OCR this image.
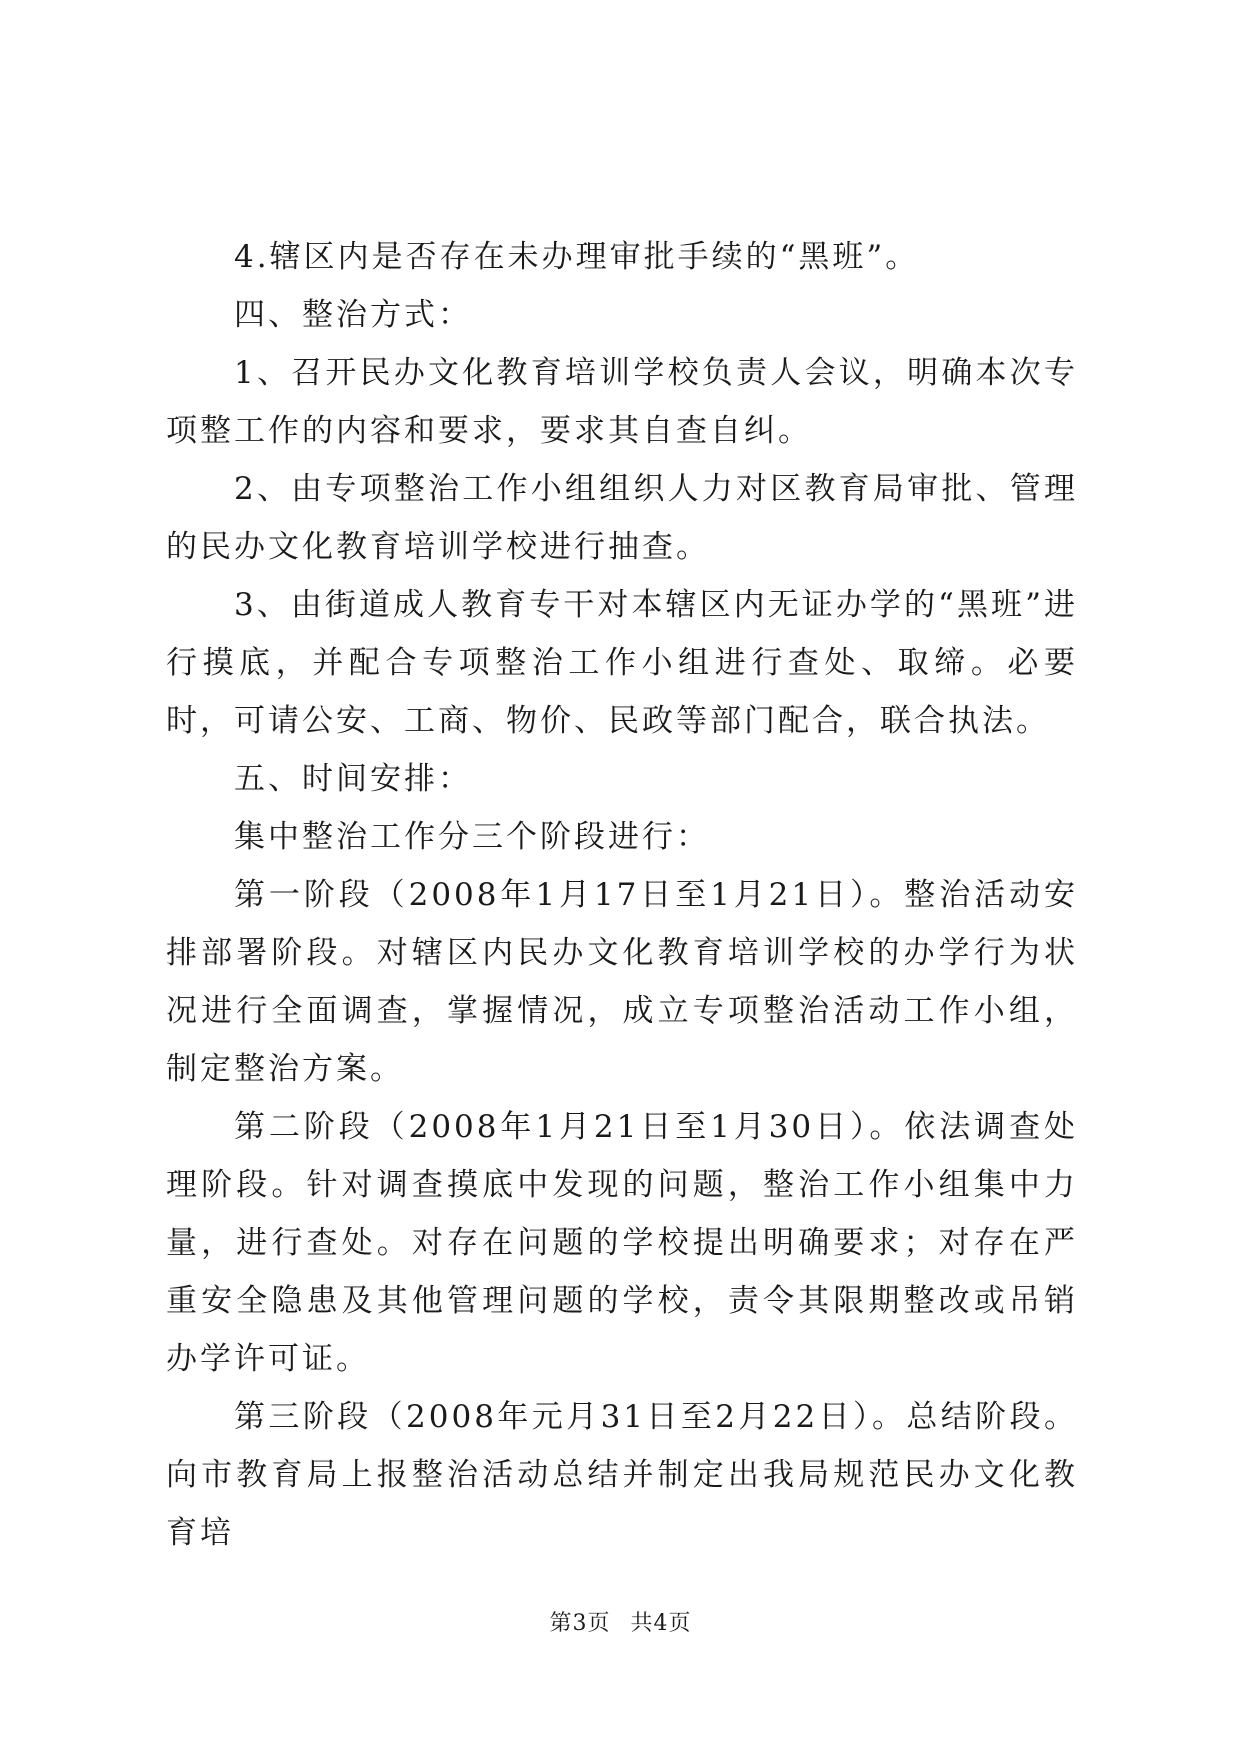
4.辖区内是否存在未办理审批手续的“黑班”。

四、整治方式：

1、召开民办文化教育培训学校负责人会议，明确本次专项整工作的内容和要求，要求其自查自纠。

2、由专项整治工作小组组织人力对区教育局审批、管理的民办文化教育培训学校进行抽查。

3、由街道成人教育专干对本辖区内无证办学的“黑班”进行摸底，并配合专项整治工作小组进行查处、取缔。必要时，可请公安、工商、物价、民政等部门配合，联合执法。

五、时间安排：

集中整治工作分三个阶段进行：

第一阶段（2008年1月17日至1月21日）。整治活动安排部署阶段。对辖区内民办文化教育培训学校的办学行为状况进行全面调查，掌握情况，成立专项整治活动工作小组，制定整治方案。

第二阶段（2008年1月21日至1月30日）。依法调查处理阶段。针对调查摸底中发现的问题，整治工作小组集中力量，进行查处。对存在问题的学校提出明确要求；对存在严重安全隐患及其他管理问题的学校，责令其限期整改或吊销办学许可证。

第三阶段（2008年元月31日至2月22日）。总结阶段。向市教育局上报整治活动总结并制定出我局规范民办文化教育培

第3页 共4页
